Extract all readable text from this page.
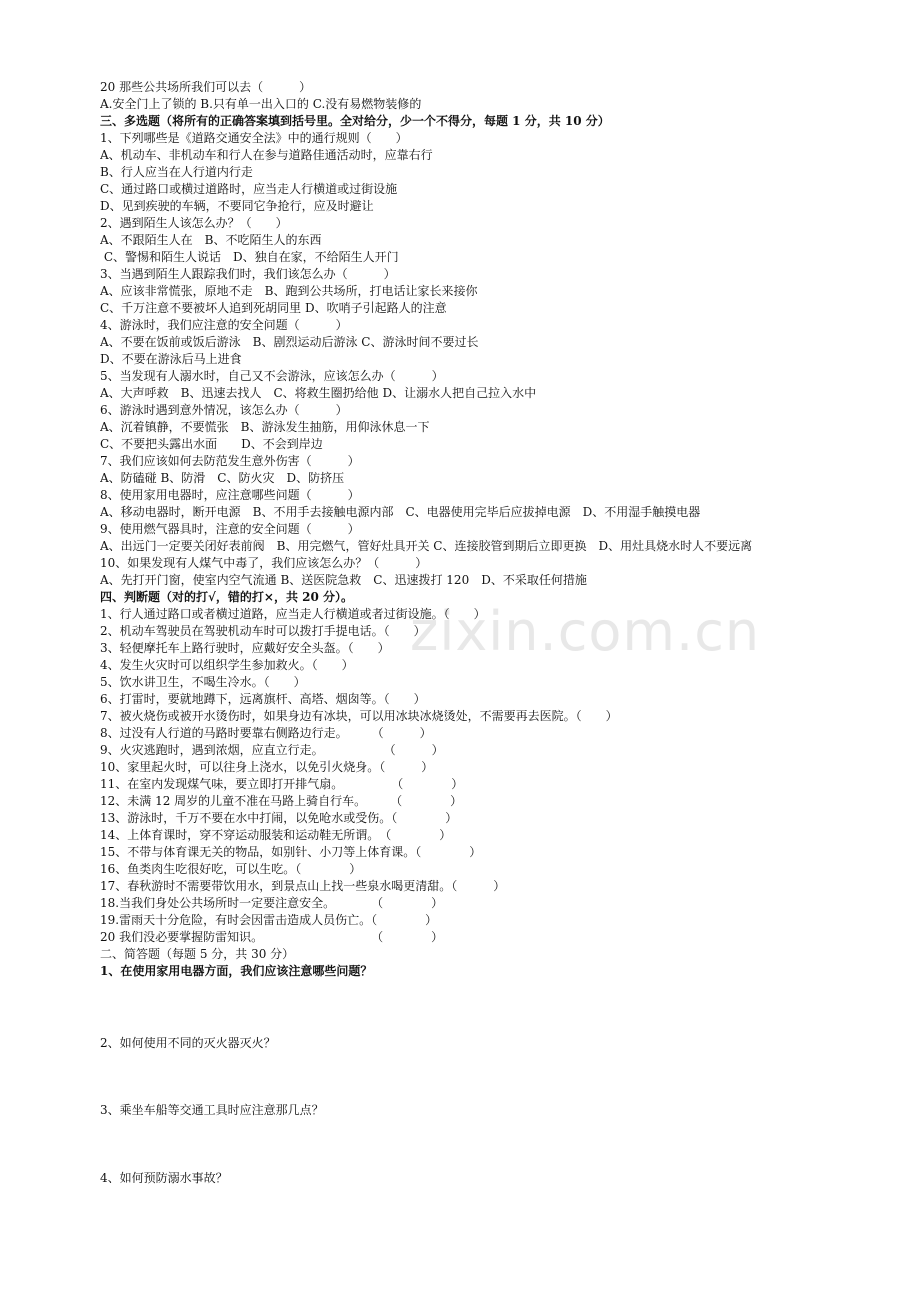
zixin.com.cn

20 那些公共场所我们可以去（　　　）
A.安全门上了锁的 B.只有单一出入口的 C.没有易燃物装修的
三、多选题（将所有的正确答案填到括号里。全对给分，少一个不得分，每题 1 分，共 10 分）
1、下列哪些是《道路交通安全法》中的通行规则（　　）
A、机动车、非机动车和行人在参与道路佳通活动时，应靠右行
B、行人应当在人行道内行走
C、通过路口或横过道路时，应当走人行横道或过街设施
D、见到疾驶的车辆，不要同它争抢行，应及时避让
2、遇到陌生人该怎么办？（　　）
A、不跟陌生人在　B、不吃陌生人的东西
C、警惕和陌生人说话　D、独自在家，不给陌生人开门
3、当遇到陌生人跟踪我们时，我们该怎么办（　　　）
A、应该非常慌张，原地不走　B、跑到公共场所，打电话让家长来接你
C、千万注意不要被坏人追到死胡同里 D、吹哨子引起路人的注意
4、游泳时，我们应注意的安全问题（　　　）
A、不要在饭前或饭后游泳　B、剧烈运动后游泳 C、游泳时间不要过长
D、不要在游泳后马上进食
5、当发现有人溺水时，自己又不会游泳，应该怎么办（　　　）
A、大声呼救　B、迅速去找人　C、将救生圈扔给他 D、让溺水人把自己拉入水中
6、游泳时遇到意外情况，该怎么办（　　　）
A、沉着镇静，不要慌张　B、游泳发生抽筋，用仰泳休息一下
C、不要把头露出水面　　D、不会到岸边
7、我们应该如何去防范发生意外伤害（　　　）
A、防磕碰 B、防滑　C、防火灾　D、防挤压
8、使用家用电器时，应注意哪些问题（　　　）
A、移动电器时，断开电源　B、不用手去接触电源内部　C、电器使用完毕后应拔掉电源　D、不用湿手触摸电器
9、使用燃气器具时，注意的安全问题（　　　）
A、出远门一定要关闭好表前阀　B、用完燃气，管好灶具开关 C、连接胶管到期后立即更换　D、用灶具烧水时人不要远离
10、如果发现有人煤气中毒了，我们应该怎么办？（　　　）
A、先打开门窗，使室内空气流通 B、送医院急救　C、迅速拨打 120　D、不采取任何措施
四、判断题（对的打√，错的打×，共 20 分）。
1、行人通过路口或者横过道路，应当走人行横道或者过街设施。（　　）
2、机动车驾驶员在驾驶机动车时可以拨打手提电话。（　　）
3、轻便摩托车上路行驶时，应戴好安全头盔。（　　）
4、发生火灾时可以组织学生参加救火。（　　）
5、饮水讲卫生，不喝生冷水。（　　）
6、打雷时，要就地蹲下，远离旗杆、高塔、烟囱等。（　　）
7、被火烧伤或被开水烫伤时，如果身边有冰块，可以用冰块冰烧烫处，不需要再去医院。（　　）
8、过没有人行道的马路时要靠右侧路边行走。　　　（　　　）
9、火灾逃跑时，遇到浓烟，应直立行走。　　　　　　（　　　）
10、家里起火时，可以往身上浇水，以免引火烧身。（　　　）
11、在室内发现煤气味，要立即打开排气扇。　　　　　（　　　　）
12、未满 12 周岁的儿童不准在马路上骑自行车。　　　（　　　　）
13、游泳时，千万不要在水中打闹，以免呛水或受伤。（　　　　）
14、上体育课时，穿不穿运动服装和运动鞋无所谓。　（　　　　）
15、不带与体育课无关的物品，如别针、小刀等上体育课。（　　　　）
16、鱼类肉生吃很好吃，可以生吃。（　　　　）
17、春秋游时不需要带饮用水，到景点山上找一些泉水喝更清甜。（　　　）
18.当我们身处公共场所时一定要注意安全。　　　　（　　　　）
19.雷雨天十分危险，有时会因雷击造成人员伤亡。（　　　　）
20 我们没必要掌握防雷知识。　　　　　　　　　　（　　　　）
二、简答题（每题 5 分，共 30 分）
1、在使用家用电器方面，我们应该注意哪些问题？
2、如何使用不同的灭火器灭火？
3、乘坐车船等交通工具时应注意那几点？
4、如何预防溺水事故？
